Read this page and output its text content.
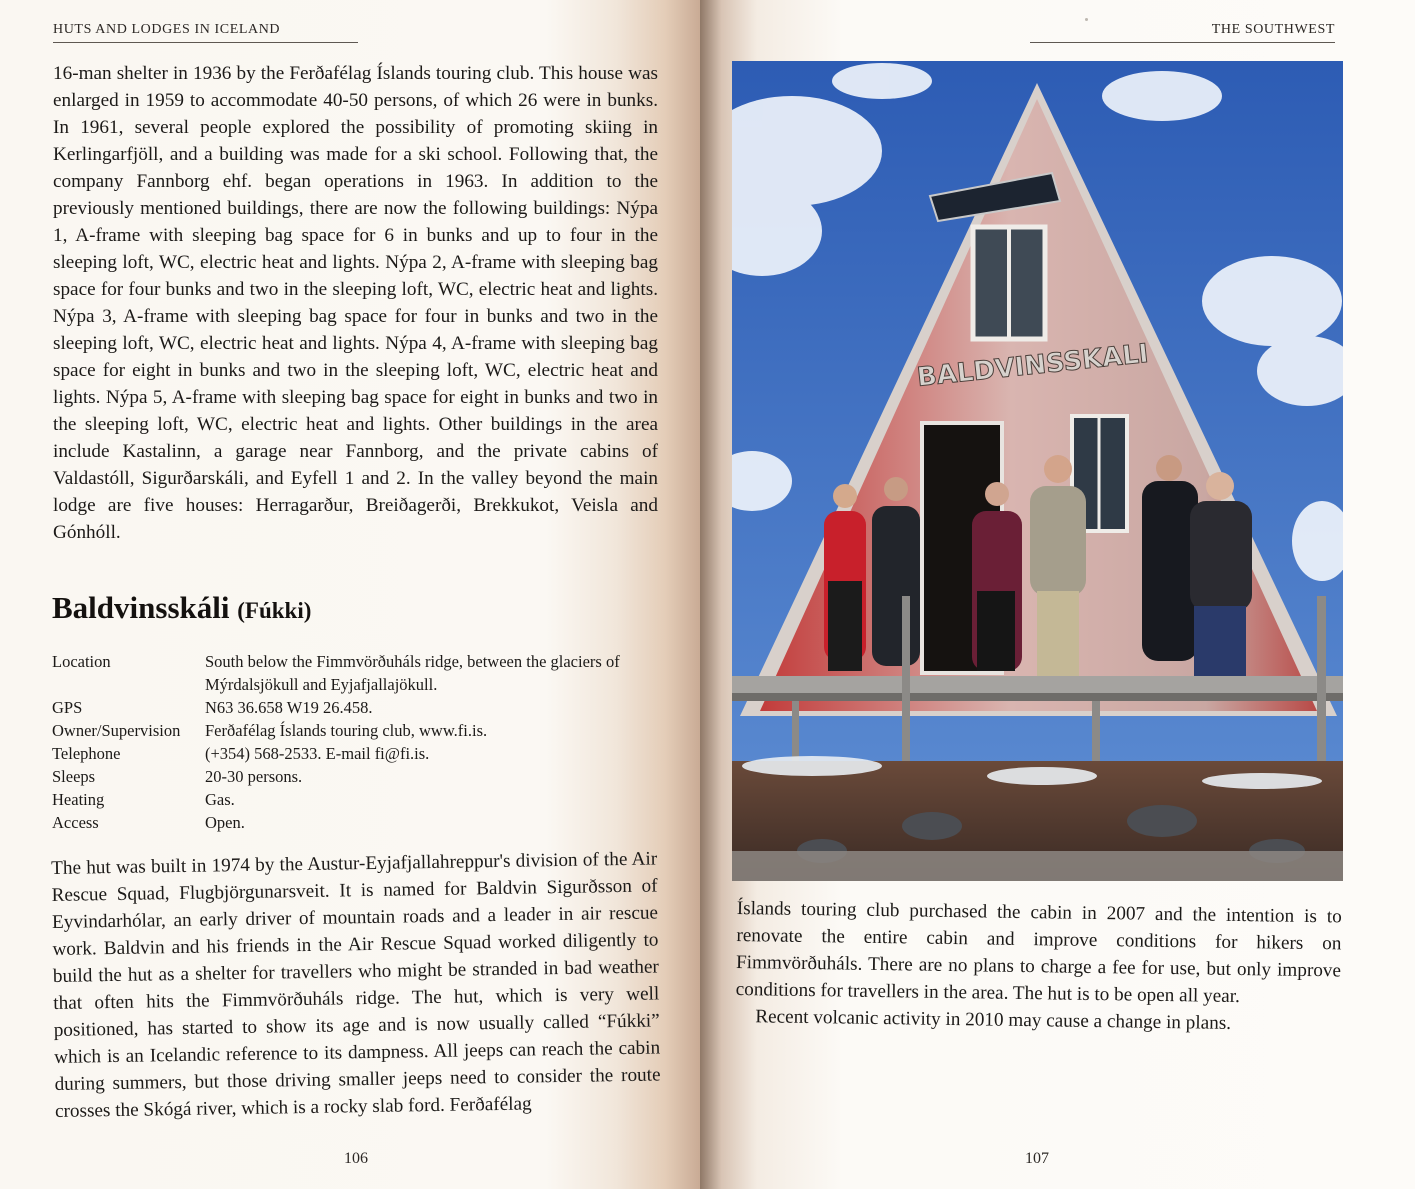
HUTS AND LODGES IN ICELAND

16-man shelter in 1936 by the Ferðafélag Íslands touring club. This house was enlarged in 1959 to accommodate 40-50 persons, of which 26 were in bunks. In 1961, several people explored the possibility of promoting skiing in Kerlingarfjöll, and a building was made for a ski school. Following that, the company Fannborg ehf. began operations in 1963. In addition to the previously mentioned buildings, there are now the following buildings: Nýpa 1, A-frame with sleeping bag space for 6 in bunks and up to four in the sleeping loft, WC, electric heat and lights. Nýpa 2, A-frame with sleeping bag space for four bunks and two in the sleeping loft, WC, electric heat and lights. Nýpa 3, A-frame with sleeping bag space for four in bunks and two in the sleeping loft, WC, electric heat and lights. Nýpa 4, A-frame with sleeping bag space for eight in bunks and two in the sleeping loft, WC, electric heat and lights. Nýpa 5, A-frame with sleeping bag space for eight in bunks and two in the sleeping loft, WC, electric heat and lights. Other buildings in the area include Kastalinn, a garage near Fannborg, and the private cabins of Valdastóll, Sigurðarskáli, and Eyfell 1 and 2. In the valley beyond the main lodge are five houses: Herragarður, Breiðagerði, Brekkukot, Veisla and Gónhóll.

Baldvinsskáli (Fúkki)
Location	South below the Fimmvörðuháls ridge, between the glaciers of Mýrdalsjökull and Eyjafjallajökull.
GPS	N63 36.658 W19 26.458.
Owner/Supervision	Ferðafélag Íslands touring club, www.fi.is.
Telephone	(+354) 568-2533. E-mail fi@fi.is.
Sleeps	20-30 persons.
Heating	Gas.
Access	Open.

The hut was built in 1974 by the Austur-Eyjafjallahreppur's division of the Air Rescue Squad, Flugbjörgunarsveit. It is named for Baldvin Sigurðsson of Eyvindarhólar, an early driver of mountain roads and a leader in air rescue work. Baldvin and his friends in the Air Rescue Squad worked diligently to build the hut as a shelter for travellers who might be stranded in bad weather that often hits the Fimmvörðuháls ridge. The hut, which is very well positioned, has started to show its age and is now usually called “Fúkki” which is an Icelandic reference to its dampness. All jeeps can reach the cabin during summers, but those driving smaller jeeps need to consider the route crosses the Skógá river, which is a rocky slab ford. Ferðafélag

106
THE SOUTHWEST
BALDVINSSKALI

Íslands touring club purchased the cabin in 2007 and the intention is to renovate the entire cabin and improve conditions for hikers on Fimmvörðuháls. There are no plans to charge a fee for use, but only improve conditions for travellers in the area. The hut is to be open all year.

Recent volcanic activity in 2010 may cause a change in plans.

107
